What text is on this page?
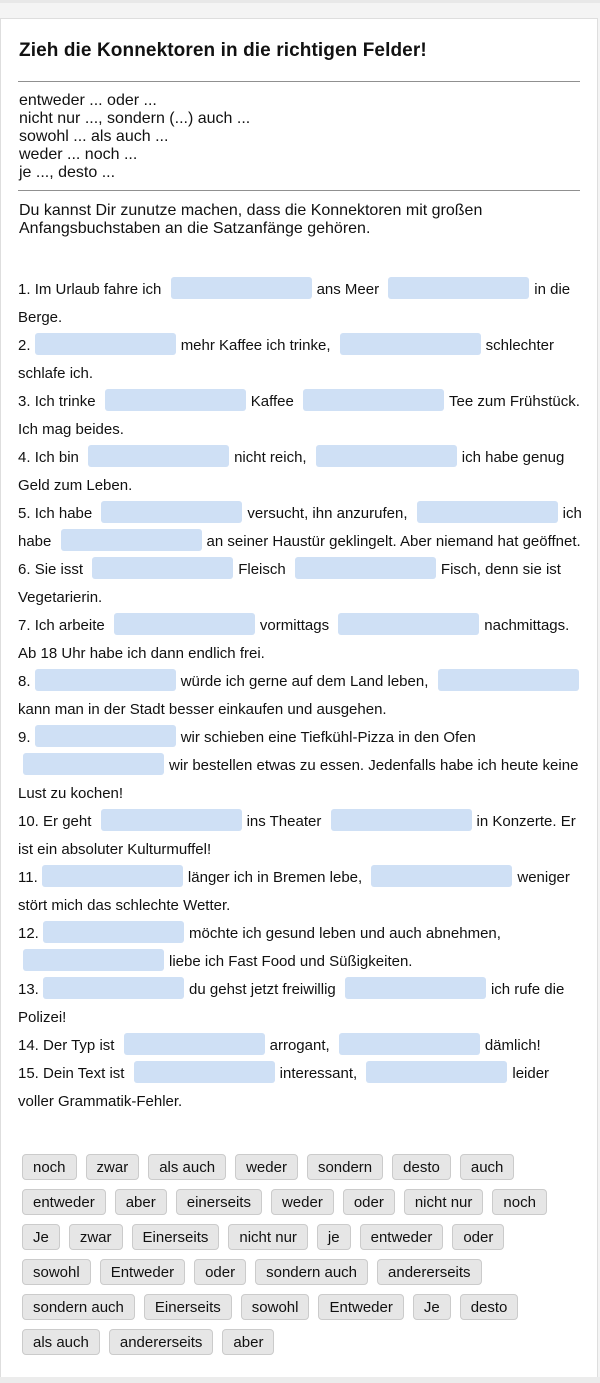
Zieh die Konnektoren in die richtigen Felder!
entweder ... oder ...
nicht nur ..., sondern (...) auch ...
sowohl ... als auch ...
weder ... noch ...
je ..., desto ...
Du kannst Dir zunutze machen, dass die Konnektoren mit großen Anfangsbuchstaben an die Satzanfänge gehören.

1. Im Urlaub fahre ich	ans Meer	in die Berge.

2.	mehr Kaffee ich trinke,	schlechter schlafe ich.

3. Ich trinke	Kaffee	Tee zum Frühstück. Ich mag beides.

4. Ich bin	nicht reich,	ich habe genug Geld zum Leben.

5. Ich habe	versucht, ihn anzurufen,	ich habe	an seiner Haustür geklingelt. Aber niemand hat geöffnet.

6. Sie isst	Fleisch	Fisch, denn sie ist Vegetarierin.

7. Ich arbeite	vormittags	nachmittags. Ab 18 Uhr habe ich dann endlich frei.

8.	würde ich gerne auf dem Land leben, kann man in der Stadt besser einkaufen und ausgehen.

9.	wir schieben eine Tiefkühl-Pizza in den Ofen wir bestellen etwas zu essen. Jedenfalls habe ich heute keine Lust zu kochen!

10. Er geht	ins Theater	in Konzerte. Er ist ein absoluter Kulturmuffel!

11.	länger ich in Bremen lebe,	weniger stört mich das schlechte Wetter.

12.	möchte ich gesund leben und auch abnehmen, liebe ich Fast Food und Süßigkeiten.

13.	du gehst jetzt freiwillig	ich rufe die Polizei!

14. Der Typ ist	arrogant,	dämlich!

15. Dein Text ist	interessant,	leider voller Grammatik-Fehler.

noch	zwar	als auch	weder	sondern	desto	auch
entweder	aber	einerseits	weder	oder	nicht nur	noch
Je	zwar	Einerseits	nicht nur	je	entweder	oder
sowohl	Entweder	oder	sondern auch	andererseits
sondern auch	Einerseits	sowohl	Entweder	Je	desto
als auch	andererseits	aber
